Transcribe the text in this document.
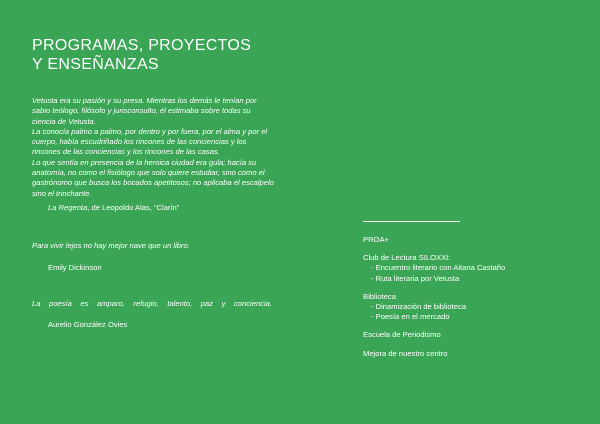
PROGRAMAS, PROYECTOS
Y ENSEÑANZAS

Vetusta era su pasión y su presa. Mientras los demás le tenían por sabio teólogo, filósofo y jurisconsulto, él estimaba sobre todas su ciencia de Vetusta.

La conocía palmo a palmo, por dentro y por fuera, por el alma y por el cuerpo, había escudriñado los rincones de las conciencias y los rincones de las conciencias y los rincones de las casas.

Lo que sentía en presencia de la heroica ciudad era gula; hacía su anatomía, no como el fisiólogo que solo quiere estudiar, sino como el gastrónomo que busca los bocados apetitosos; no aplicaba el escalpelo sino el trinchante.

La Regenta, de Leopoldo Alas, “Clarín”
Para vivir lejos no hay mejor nave que un libro.
Emily Dickinson
La poesía es amparo, refugio, talento, paz y conciencia.
Aurelio González Ovies
PROA+
Club de Lectura SILOXXI:
- Encuentro literario con Aitana Castaño
- Ruta literaria por Vetusta
Biblioteca
- Dinamización de biblioteca
- Poesía en el mercado
Escuela de Periodismo
Mejora de nuestro centro
